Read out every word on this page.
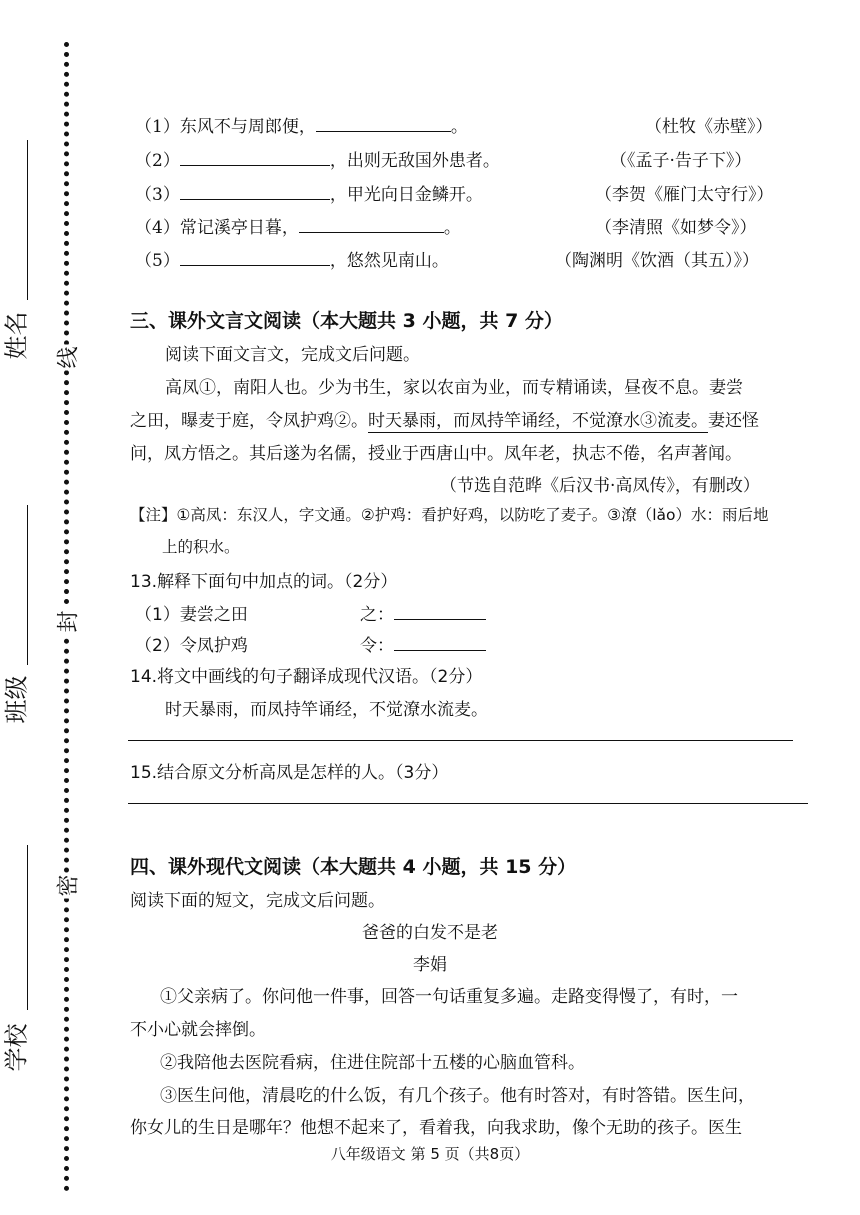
姓名
班级
学校
线
封
密
（1）东风不与周郎便，	。	（杜牧《赤壁》）
（2）	，出则无敌国外患者。	（《孟子·告子下》）
（3）	，甲光向日金鳞开。	（李贺《雁门太守行》）
（4）常记溪亭日暮，	。	（李清照《如梦令》）
（5）	，悠然见南山。	（陶渊明《饮酒（其五）》）
三、课外文言文阅读（本大题共 3 小题，共 7 分）
阅读下面文言文，完成文后问题。
高凤①，南阳人也。少为书生，家以农亩为业，而专精诵读，昼夜不息。妻尝
之田，曝麦于庭，令凤护鸡②。时天暴雨，而凤持竿诵经，不觉潦水③流麦。妻还怪
问，凤方悟之。其后遂为名儒，授业于西唐山中。凤年老，执志不倦，名声著闻。
（节选自范晔《后汉书·高凤传》，有删改）
【注】①高凤：东汉人，字文通。②护鸡：看护好鸡，以防吃了麦子。③潦（lǎo）水：雨后地
上的积水。
13.解释下面句中加点的词。（2分）
（1）妻尝之田	之：
（2）令凤护鸡	令：
14.将文中画线的句子翻译成现代汉语。（2分）
时天暴雨，而凤持竿诵经，不觉潦水流麦。
15.结合原文分析高凤是怎样的人。（3分）
四、课外现代文阅读（本大题共 4 小题，共 15 分）
阅读下面的短文，完成文后问题。
爸爸的白发不是老
李娟
①父亲病了。你问他一件事，回答一句话重复多遍。走路变得慢了，有时，一
不小心就会摔倒。
②我陪他去医院看病，住进住院部十五楼的心脑血管科。
③医生问他，清晨吃的什么饭，有几个孩子。他有时答对，有时答错。医生问，
你女儿的生日是哪年？他想不起来了，看着我，向我求助，像个无助的孩子。医生
八年级语文 第 5 页（共8页）
